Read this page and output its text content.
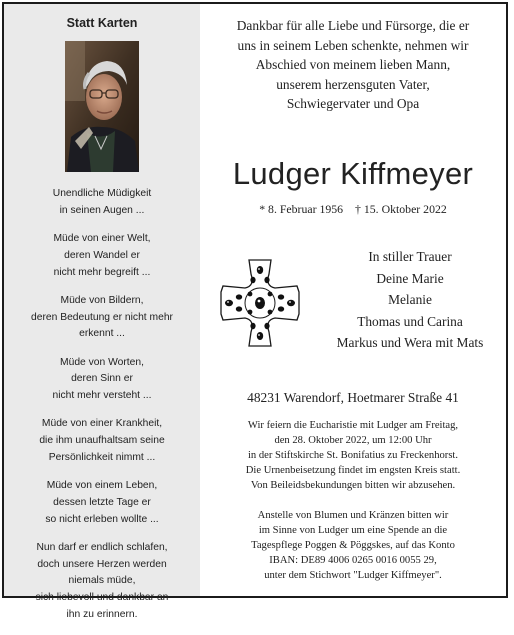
Statt Karten
Unendliche Müdigkeit
in seinen Augen ...
Müde von einer Welt,
deren Wandel er
nicht mehr begreift ...
Müde von Bildern,
deren Bedeutung er nicht mehr
erkennt ...
Müde von Worten,
deren Sinn er
nicht mehr versteht ...
Müde von einer Krankheit,
die ihm unaufhaltsam seine
Persönlichkeit nimmt ...
Müde von einem Leben,
dessen letzte Tage er
so nicht erleben wollte ...
Nun darf er endlich schlafen,
doch unsere Herzen werden
niemals müde,
sich liebevoll und dankbar an
ihn zu erinnern.
Dankbar für alle Liebe und Fürsorge, die er
uns in seinem Leben schenkte, nehmen wir
Abschied von meinem lieben Mann,
unserem herzensguten Vater,
Schwiegervater und Opa
Ludger Kiffmeyer
* 8. Februar 1956 † 15. Oktober 2022
In stiller Trauer
Deine Marie
Melanie
Thomas und Carina
Markus und Wera mit Mats
48231 Warendorf, Hoetmarer Straße 41
Wir feiern die Eucharistie mit Ludger am Freitag,
den 28. Oktober 2022, um 12:00 Uhr
in der Stiftskirche St. Bonifatius zu Freckenhorst.
Die Urnenbeisetzung findet im engsten Kreis statt.
Von Beileidsbekundungen bitten wir abzusehen.
Anstelle von Blumen und Kränzen bitten wir
im Sinne von Ludger um eine Spende an die
Tagespflege Poggen & Pöggskes, auf das Konto
IBAN: DE89 4006 0265 0016 0055 29,
unter dem Stichwort "Ludger Kiffmeyer".
